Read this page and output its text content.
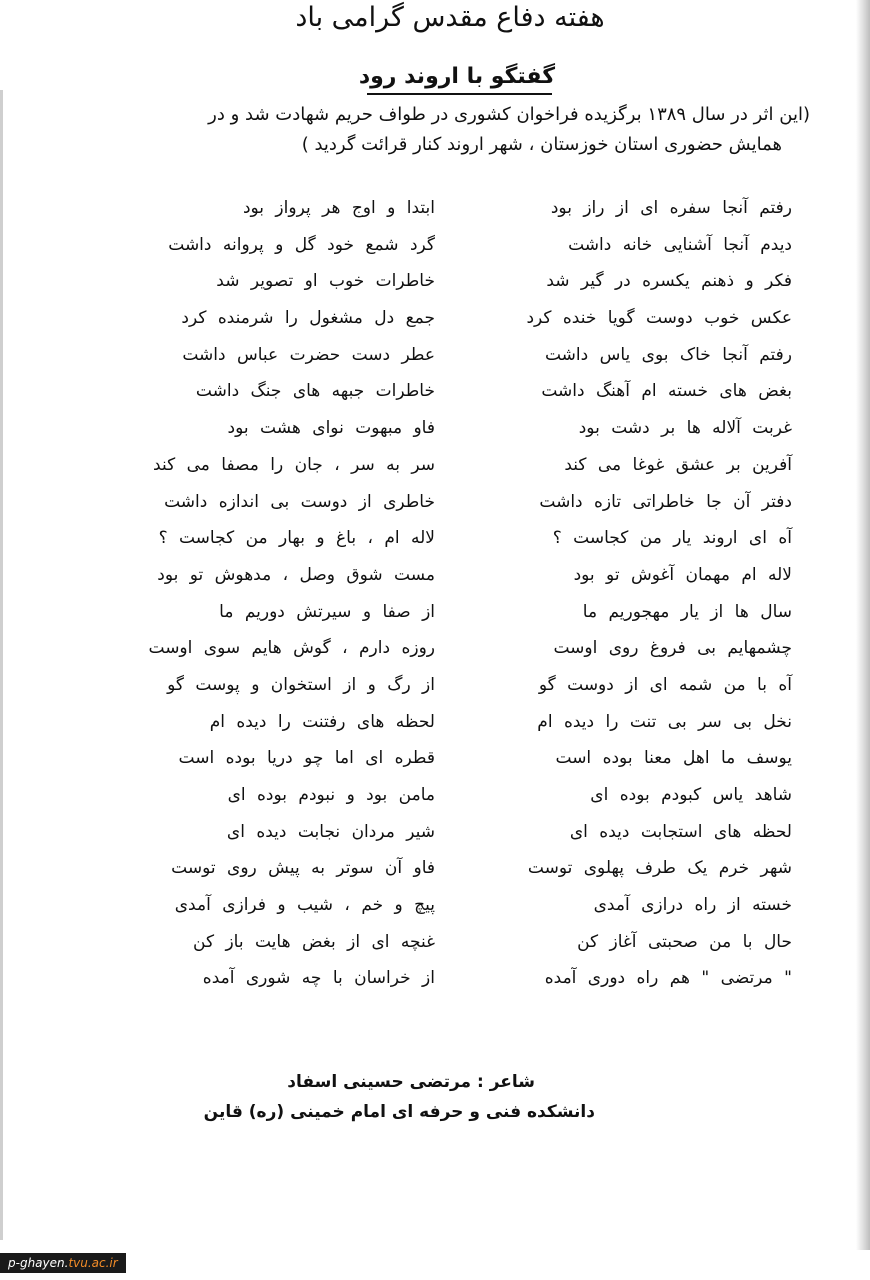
هفته دفاع مقدس گرامی باد
گفتگو با اروند رود
(این اثر در سال ۱۳۸۹ برگزیده فراخوان کشوری در طواف حریم شهادت شد و در
همایش حضوری استان خوزستان ، شهر اروند کنار قرائت گردید )
رفتم آنجا سفره ای از راز بود
دیدم آنجا آشنایی خانه داشت
فکر و ذهنم یکسره در گیر شد
عکس خوب دوست گویا خنده کرد
رفتم آنجا خاک بوی یاس داشت
بغض های خسته ام آهنگ داشت
غربت آلاله ها بر دشت بود
آفرین بر عشق غوغا می کند
دفتر آن جا خاطراتی تازه داشت
آه ای اروند یار من کجاست ؟
لاله ام مهمان آغوش تو بود
سال ها از یار مهجوریم ما
چشمهایم بی فروغ روی اوست
آه با من شمه ای از دوست گو
نخل بی سر بی تنت را دیده ام
یوسف ما اهل معنا بوده است
شاهد یاس کبودم بوده ای
لحظه های استجابت دیده ای
شهر خرم یک طرف پهلوی توست
خسته از راه درازی آمدی
حال با من صحبتی آغاز کن
" مرتضی " هم راه دوری آمده
ابتدا و اوج هر پرواز بود
گرد شمع خود گل و پروانه داشت
خاطرات خوب او تصویر شد
جمع دل مشغول را شرمنده کرد
عطر دست حضرت عباس داشت
خاطرات جبهه های جنگ داشت
فاو مبهوت نوای هشت بود
سر به سر ، جان را مصفا می کند
خاطری از دوست بی اندازه داشت
لاله ام ، باغ و بهار من کجاست ؟
مست شوق وصل ، مدهوش تو بود
از صفا و سیرتش دوریم ما
روزه دارم ، گوش هایم سوی اوست
از رگ و از استخوان و پوست گو
لحظه های رفتنت را دیده ام
قطره ای اما چو دریا بوده است
مامن بود و نبودم بوده ای
شیر مردان نجابت دیده ای
فاو آن سوتر به پیش روی توست
پیچ و خم ، شیب و فرازی آمدی
غنچه ای از بغض هایت باز کن
از خراسان با چه شوری آمده
شاعر : مرتضی حسینی اسفاد
دانشکده فنی و حرفه ای امام خمینی (ره) قاین
p-ghayen.tvu.ac.ir
